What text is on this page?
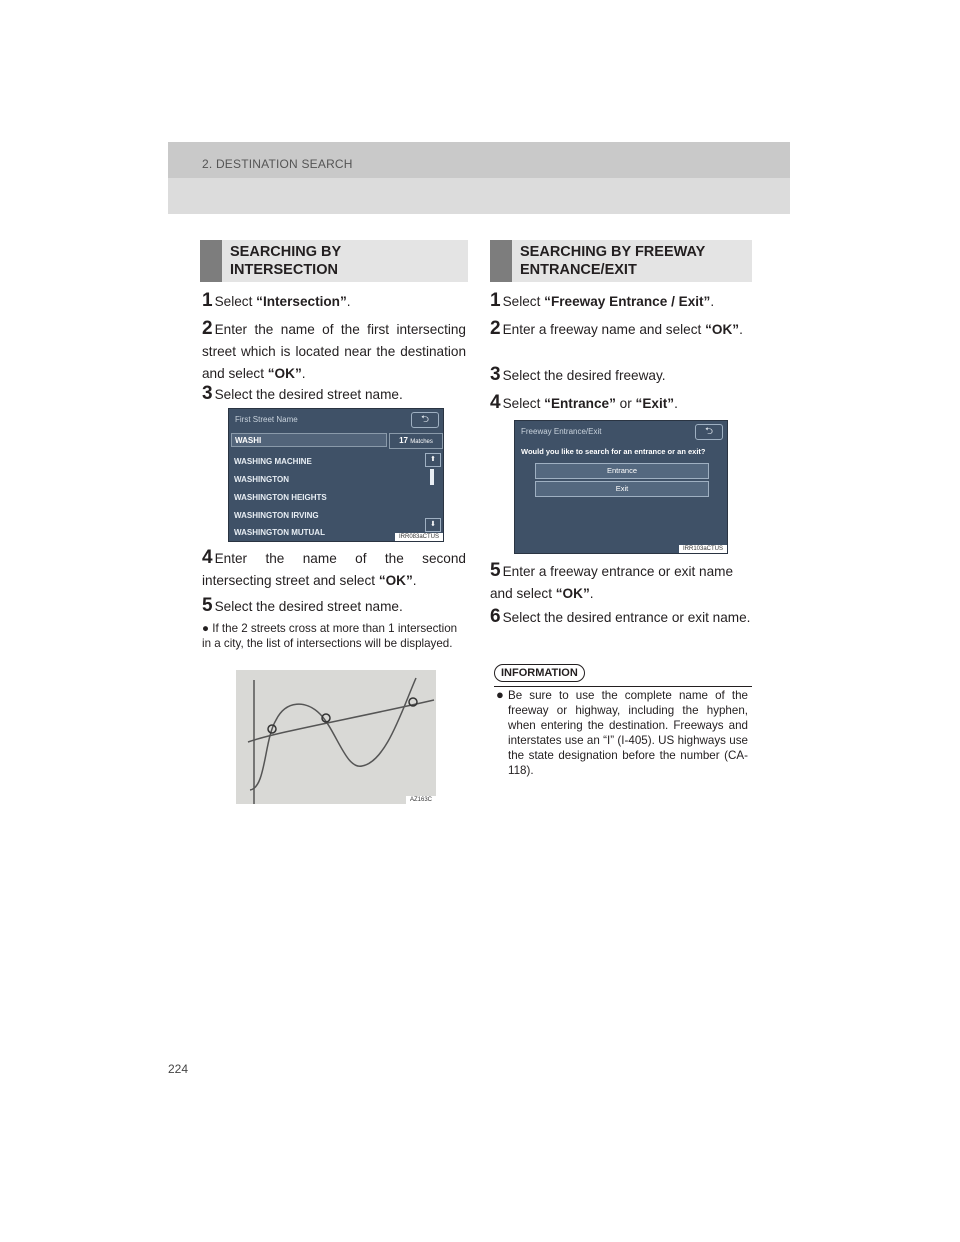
2. DESTINATION SEARCH
SEARCHING BY INTERSECTION
1 Select “Intersection”.
2 Enter the name of the first intersecting street which is located near the destination and select “OK”.
3 Select the desired street name.
First Street Name	⮌
WASHI	17 Matches
WASHING MACHINE
WASHINGTON
WASHINGTON HEIGHTS
WASHINGTON IRVING
WASHINGTON MUTUAL
⬆
⬇
IRR083aCTUS
4 Enter the name of the second intersecting street and select “OK”.
5 Select the desired street name.
● If the 2 streets cross at more than 1 intersection in a city, the list of intersections will be displayed.
AZ163C
SEARCHING BY FREEWAY ENTRANCE/EXIT
1 Select “Freeway Entrance / Exit”.
2 Enter a freeway name and select “OK”.
3 Select the desired freeway.
4 Select “Entrance” or “Exit”.
Freeway Entrance/Exit	⮌
Would you like to search for an entrance or an exit?
Entrance
Exit
IRR103aCTUS
5 Enter a freeway entrance or exit name and select “OK”.
6 Select the desired entrance or exit name.
INFORMATION
● Be sure to use the complete name of the freeway or highway, including the hyphen, when entering the destination. Freeways and interstates use an “I” (I-405). US highways use the state designation before the number (CA-118).
224
